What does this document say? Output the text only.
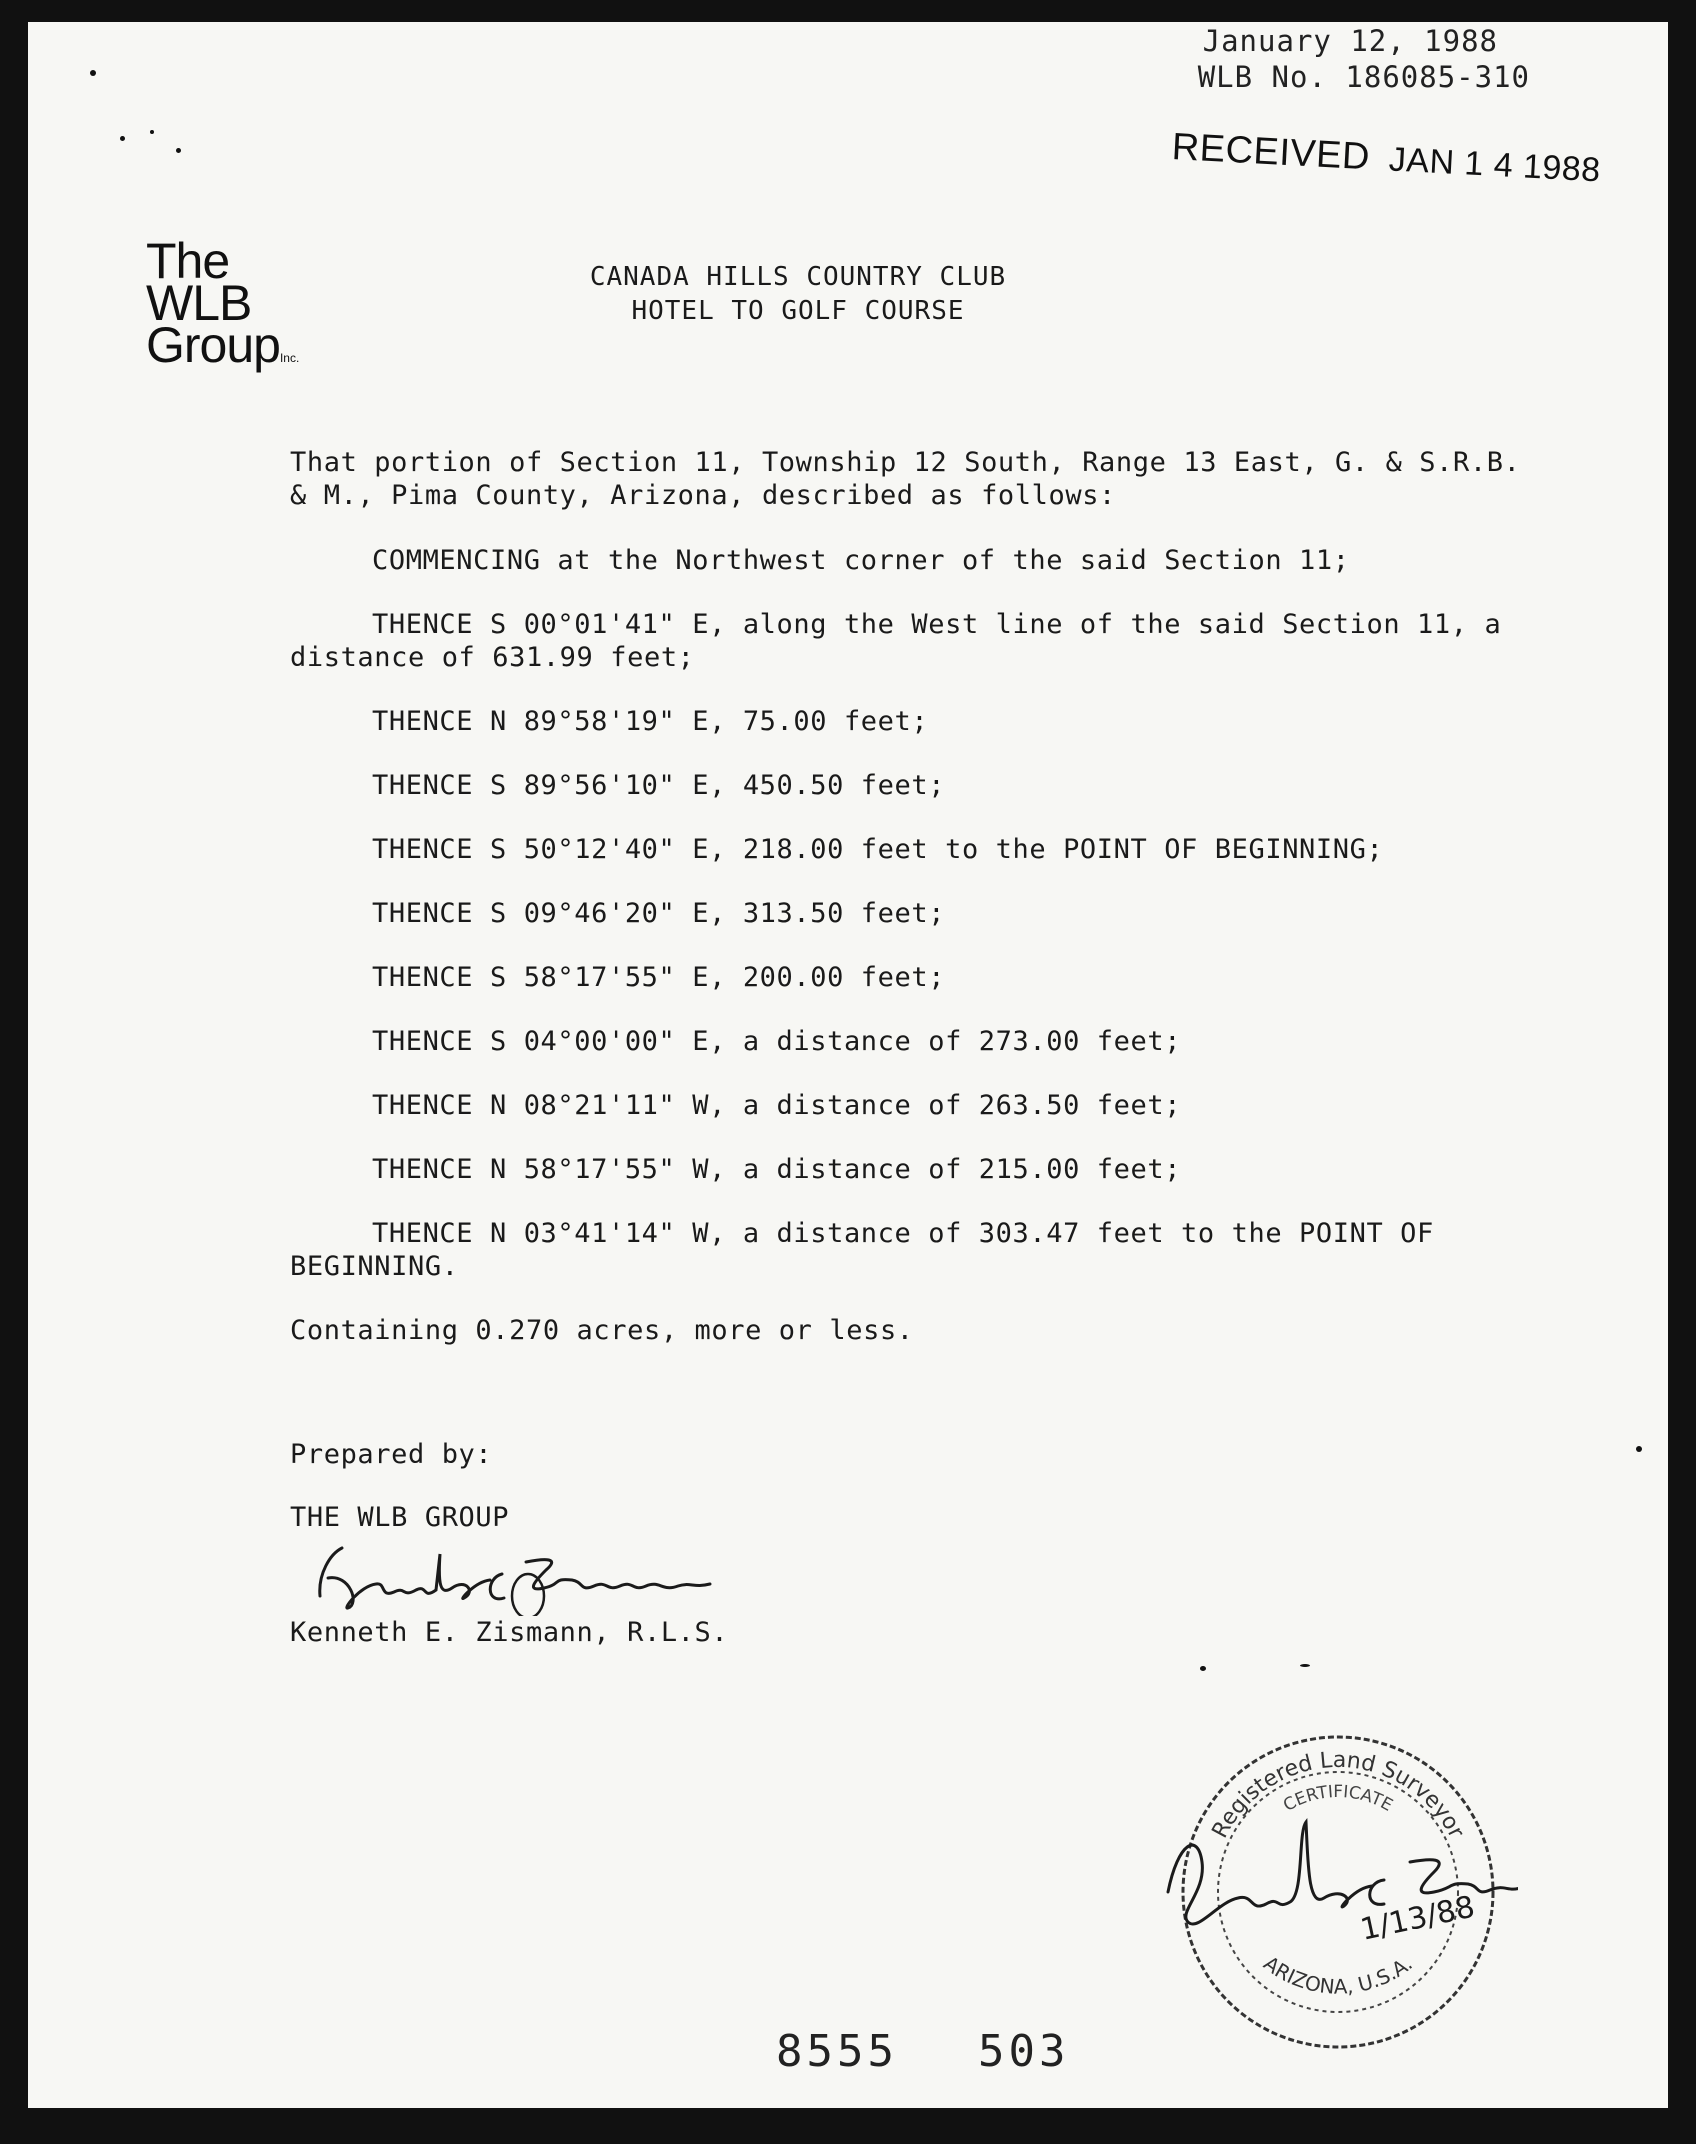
January 12, 1988
WLB No. 186085-310
RECEIVED JAN 1 4 1988
The
WLB
GroupInc.
CANADA HILLS COUNTRY CLUB
HOTEL TO GOLF COURSE
That portion of Section 11, Township 12 South, Range 13 East, G. & S.R.B. & M., Pima County, Arizona, described as follows:
COMMENCING at the Northwest corner of the said Section 11;
THENCE S 00°01'41" E, along the West line of the said Section 11, a distance of 631.99 feet;
THENCE N 89°58'19" E, 75.00 feet;
THENCE S 89°56'10" E, 450.50 feet;
THENCE S 50°12'40" E, 218.00 feet to the POINT OF BEGINNING;
THENCE S 09°46'20" E, 313.50 feet;
THENCE S 58°17'55" E, 200.00 feet;
THENCE S 04°00'00" E, a distance of 273.00 feet;
THENCE N 08°21'11" W, a distance of 263.50 feet;
THENCE N 58°17'55" W, a distance of 215.00 feet;
THENCE N 03°41'14" W, a distance of 303.47 feet to the POINT OF BEGINNING.
Containing 0.270 acres, more or less.
Prepared by:
THE WLB GROUP
Kenneth E. Zismann, R.L.S.
Registered Land Surveyor
CERTIFICATE
ARIZONA, U.S.A.
1/13/88
8555 503
